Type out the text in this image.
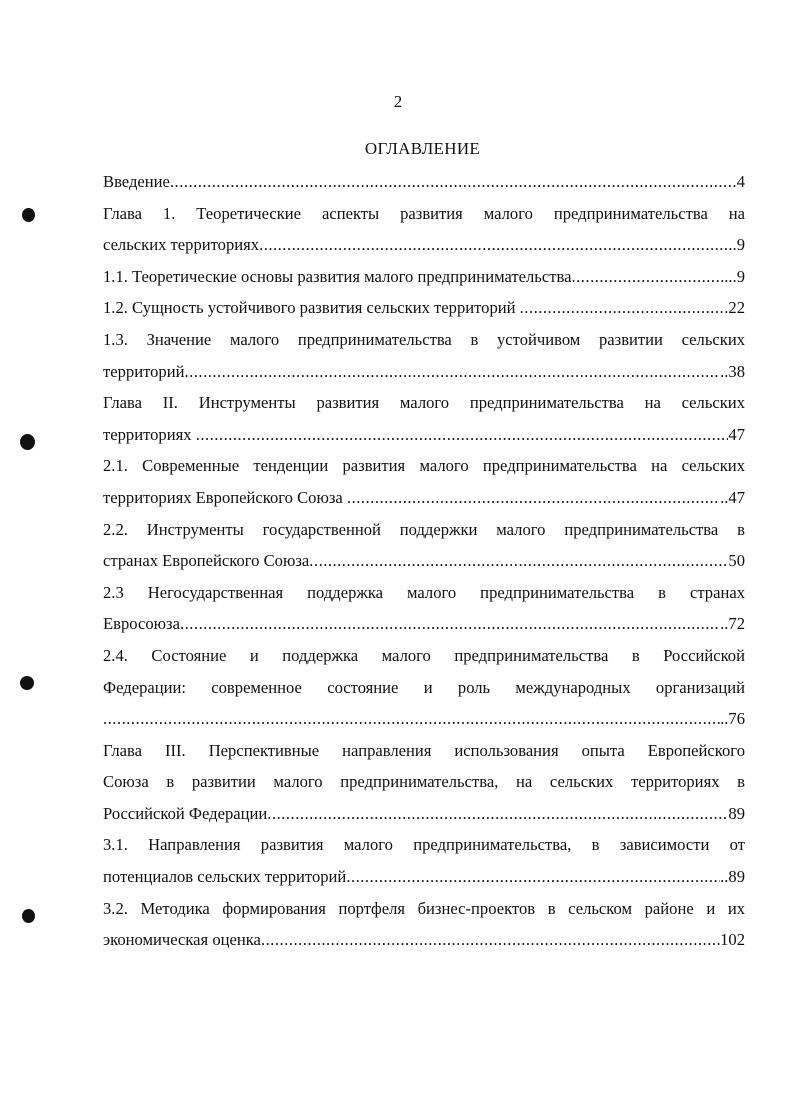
2
ОГЛАВЛЕНИЕ
Введение .....	4
Глава 1. Теоретические аспекты развития малого предпринимательства на
сельских территориях .....	..9
1.1. Теоретические основы развития малого предпринимательства .....	...9
1.2. Сущность устойчивого развития сельских территорий .....	22
1.3. Значение малого предпринимательства в устойчивом развитии сельских
территорий .....	..38
Глава II. Инструменты развития малого предпринимательства на сельских
территориях .....	47
2.1. Современные тенденции развития малого предпринимательства на сельских
территориях Европейского Союза .....	..47
2.2. Инструменты государственной поддержки малого предпринимательства в
странах Европейского Союза .....	50
2.3 Негосударственная поддержка малого предпринимательства в странах
Евросоюза .....	..72
2.4. Состояние и поддержка малого предпринимательства в Российской
Федерации: современное состояние и роль международных организаций
.....
..76
Глава III. Перспективные направления использования опыта Европейского
Союза в развитии малого предпринимательства, на сельских территориях в
Российской Федерации .....	89
3.1. Направления развития малого предпринимательства, в зависимости от
потенциалов сельских территорий .....	..89
3.2. Методика формирования портфеля бизнес-проектов в сельском районе и их
экономическая оценка .....	102
